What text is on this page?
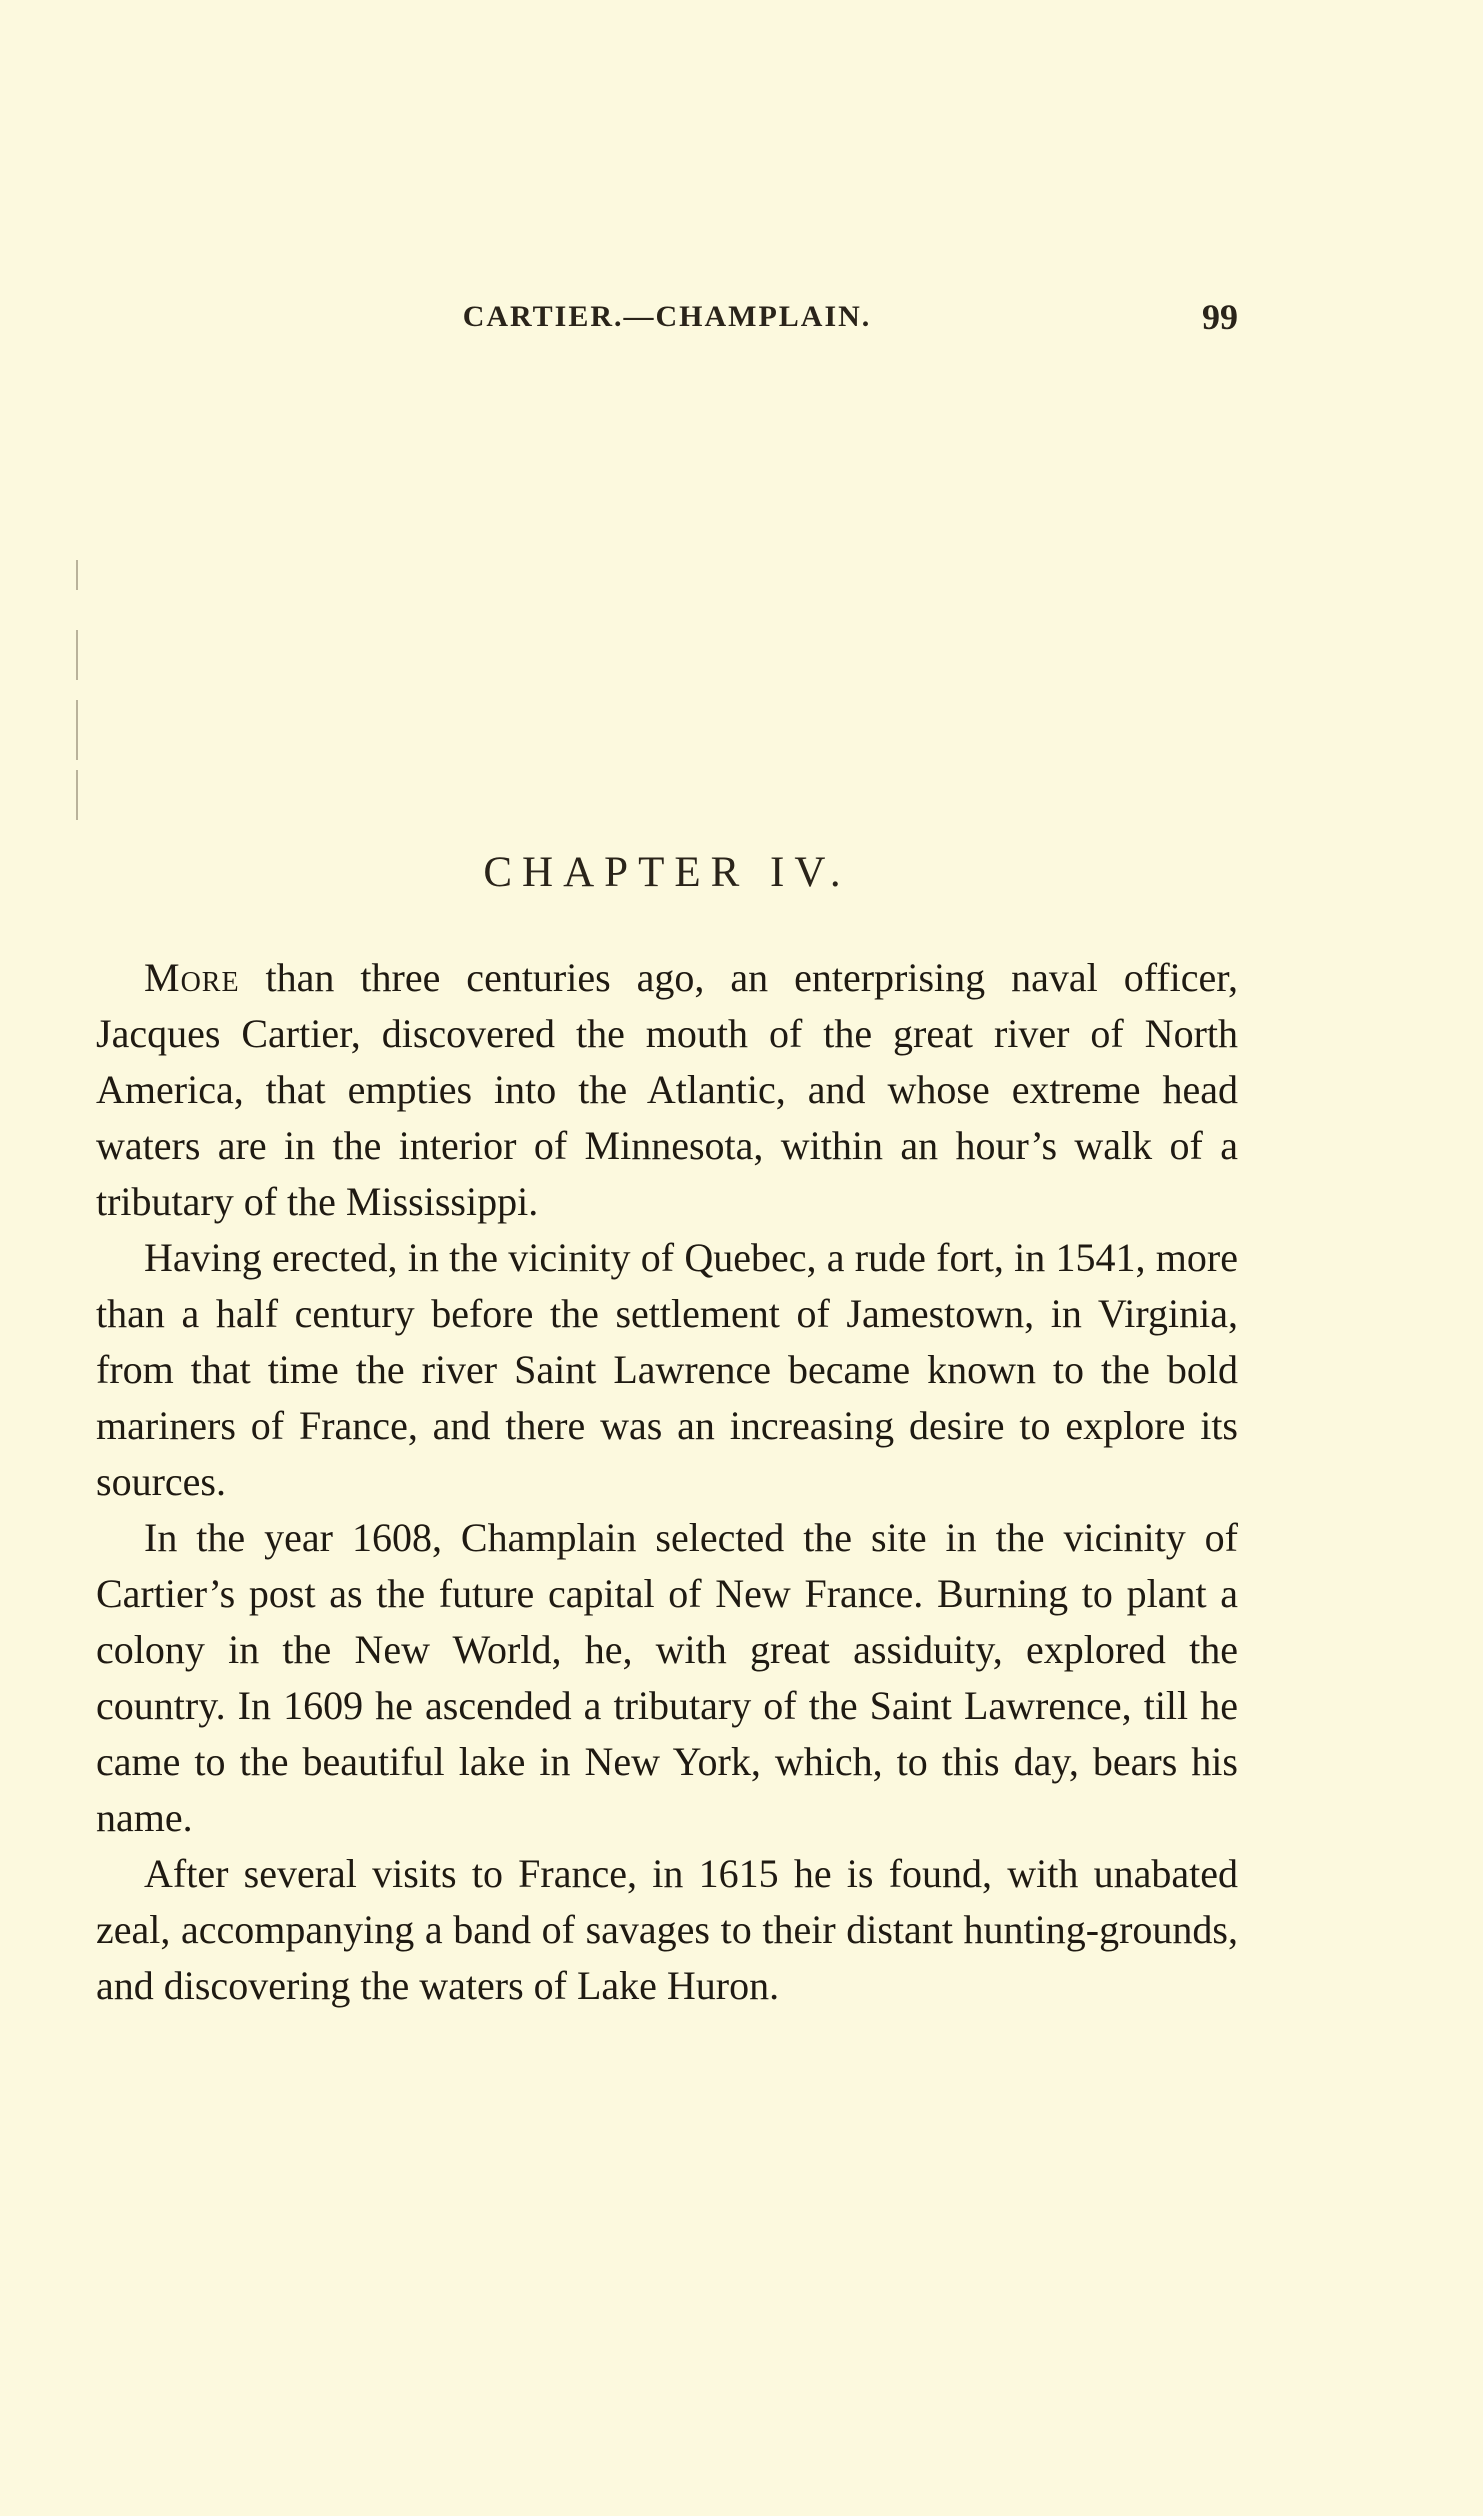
CARTIER.—CHAMPLAIN.	99
CHAPTER IV.

More than three centuries ago, an enterprising naval officer, Jacques Cartier, discovered the mouth of the great river of North America, that empties into the Atlantic, and whose extreme head waters are in the interior of Minnesota, within an hour’s walk of a tributary of the Mississippi.

Having erected, in the vicinity of Quebec, a rude fort, in 1541, more than a half century before the settlement of Jamestown, in Virginia, from that time the river Saint Lawrence became known to the bold mariners of France, and there was an increasing desire to explore its sources.

In the year 1608, Champlain selected the site in the vicinity of Cartier’s post as the future capital of New France. Burning to plant a colony in the New World, he, with great assiduity, explored the country. In 1609 he ascended a tributary of the Saint Lawrence, till he came to the beautiful lake in New York, which, to this day, bears his name.

After several visits to France, in 1615 he is found, with unabated zeal, accompanying a band of savages to their distant hunting-grounds, and discovering the waters of Lake Huron.
